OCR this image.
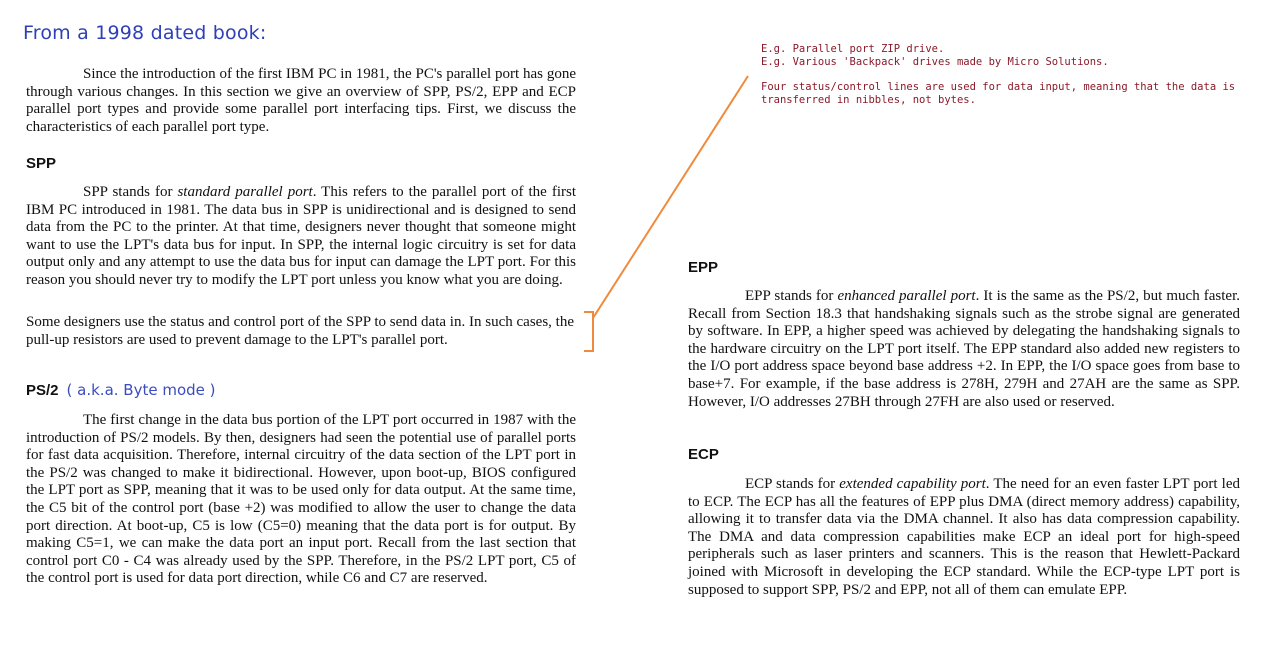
From a 1998 dated book:
E.g. Parallel port ZIP drive.
E.g. Various 'Backpack' drives made by Micro Solutions.
Four status/control lines are used for data input, meaning that the data is
transferred in nibbles, not bytes.
Since the introduction of the first IBM PC in 1981, the PC's parallel port has gone through various changes. In this section we give an overview of SPP, PS/2, EPP and ECP parallel port types and provide some parallel port interfacing tips. First, we discuss the characteristics of each parallel port type.
SPP
SPP stands for standard parallel port. This refers to the parallel port of the first IBM PC introduced in 1981. The data bus in SPP is unidirectional and is designed to send data from the PC to the printer. At that time, designers never thought that someone might want to use the LPT's data bus for input. In SPP, the internal logic circuitry is set for data output only and any attempt to use the data bus for input can damage the LPT port. For this reason you should never try to modify the LPT port unless you know what you are doing.
Some designers use the status and control port of the SPP to send data in. In such cases, the pull-up resistors are used to prevent damage to the LPT's parallel port.
PS/2 ( a.k.a. Byte mode )
The first change in the data bus portion of the LPT port occurred in 1987 with the introduction of PS/2 models. By then, designers had seen the potential use of parallel ports for fast data acquisition. Therefore, internal circuitry of the data section of the LPT port in the PS/2 was changed to make it bidirectional. However, upon boot-up, BIOS configured the LPT port as SPP, meaning that it was to be used only for data output. At the same time, the C5 bit of the control port (base +2) was modified to allow the user to change the data port direction. At boot-up, C5 is low (C5=0) meaning that the data port is for output. By making C5=1, we can make the data port an input port. Recall from the last section that control port C0 - C4 was already used by the SPP. Therefore, in the PS/2 LPT port, C5 of the control port is used for data port direction, while C6 and C7 are reserved.
EPP
EPP stands for enhanced parallel port. It is the same as the PS/2, but much faster. Recall from Section 18.3 that handshaking signals such as the strobe signal are generated by software. In EPP, a higher speed was achieved by delegating the handshaking signals to the hardware circuitry on the LPT port itself. The EPP standard also added new registers to the I/O port address space beyond base address +2. In EPP, the I/O space goes from base to base+7. For example, if the base address is 278H, 279H and 27AH are the same as SPP. However, I/O addresses 27BH through 27FH are also used or reserved.
ECP
ECP stands for extended capability port. The need for an even faster LPT port led to ECP. The ECP has all the features of EPP plus DMA (direct memory address) capability, allowing it to transfer data via the DMA channel. It also has data compression capability. The DMA and data compression capabilities make ECP an ideal port for high-speed peripherals such as laser printers and scanners. This is the reason that Hewlett-Packard joined with Microsoft in developing the ECP standard. While the ECP-type LPT port is supposed to support SPP, PS/2 and EPP, not all of them can emulate EPP.
